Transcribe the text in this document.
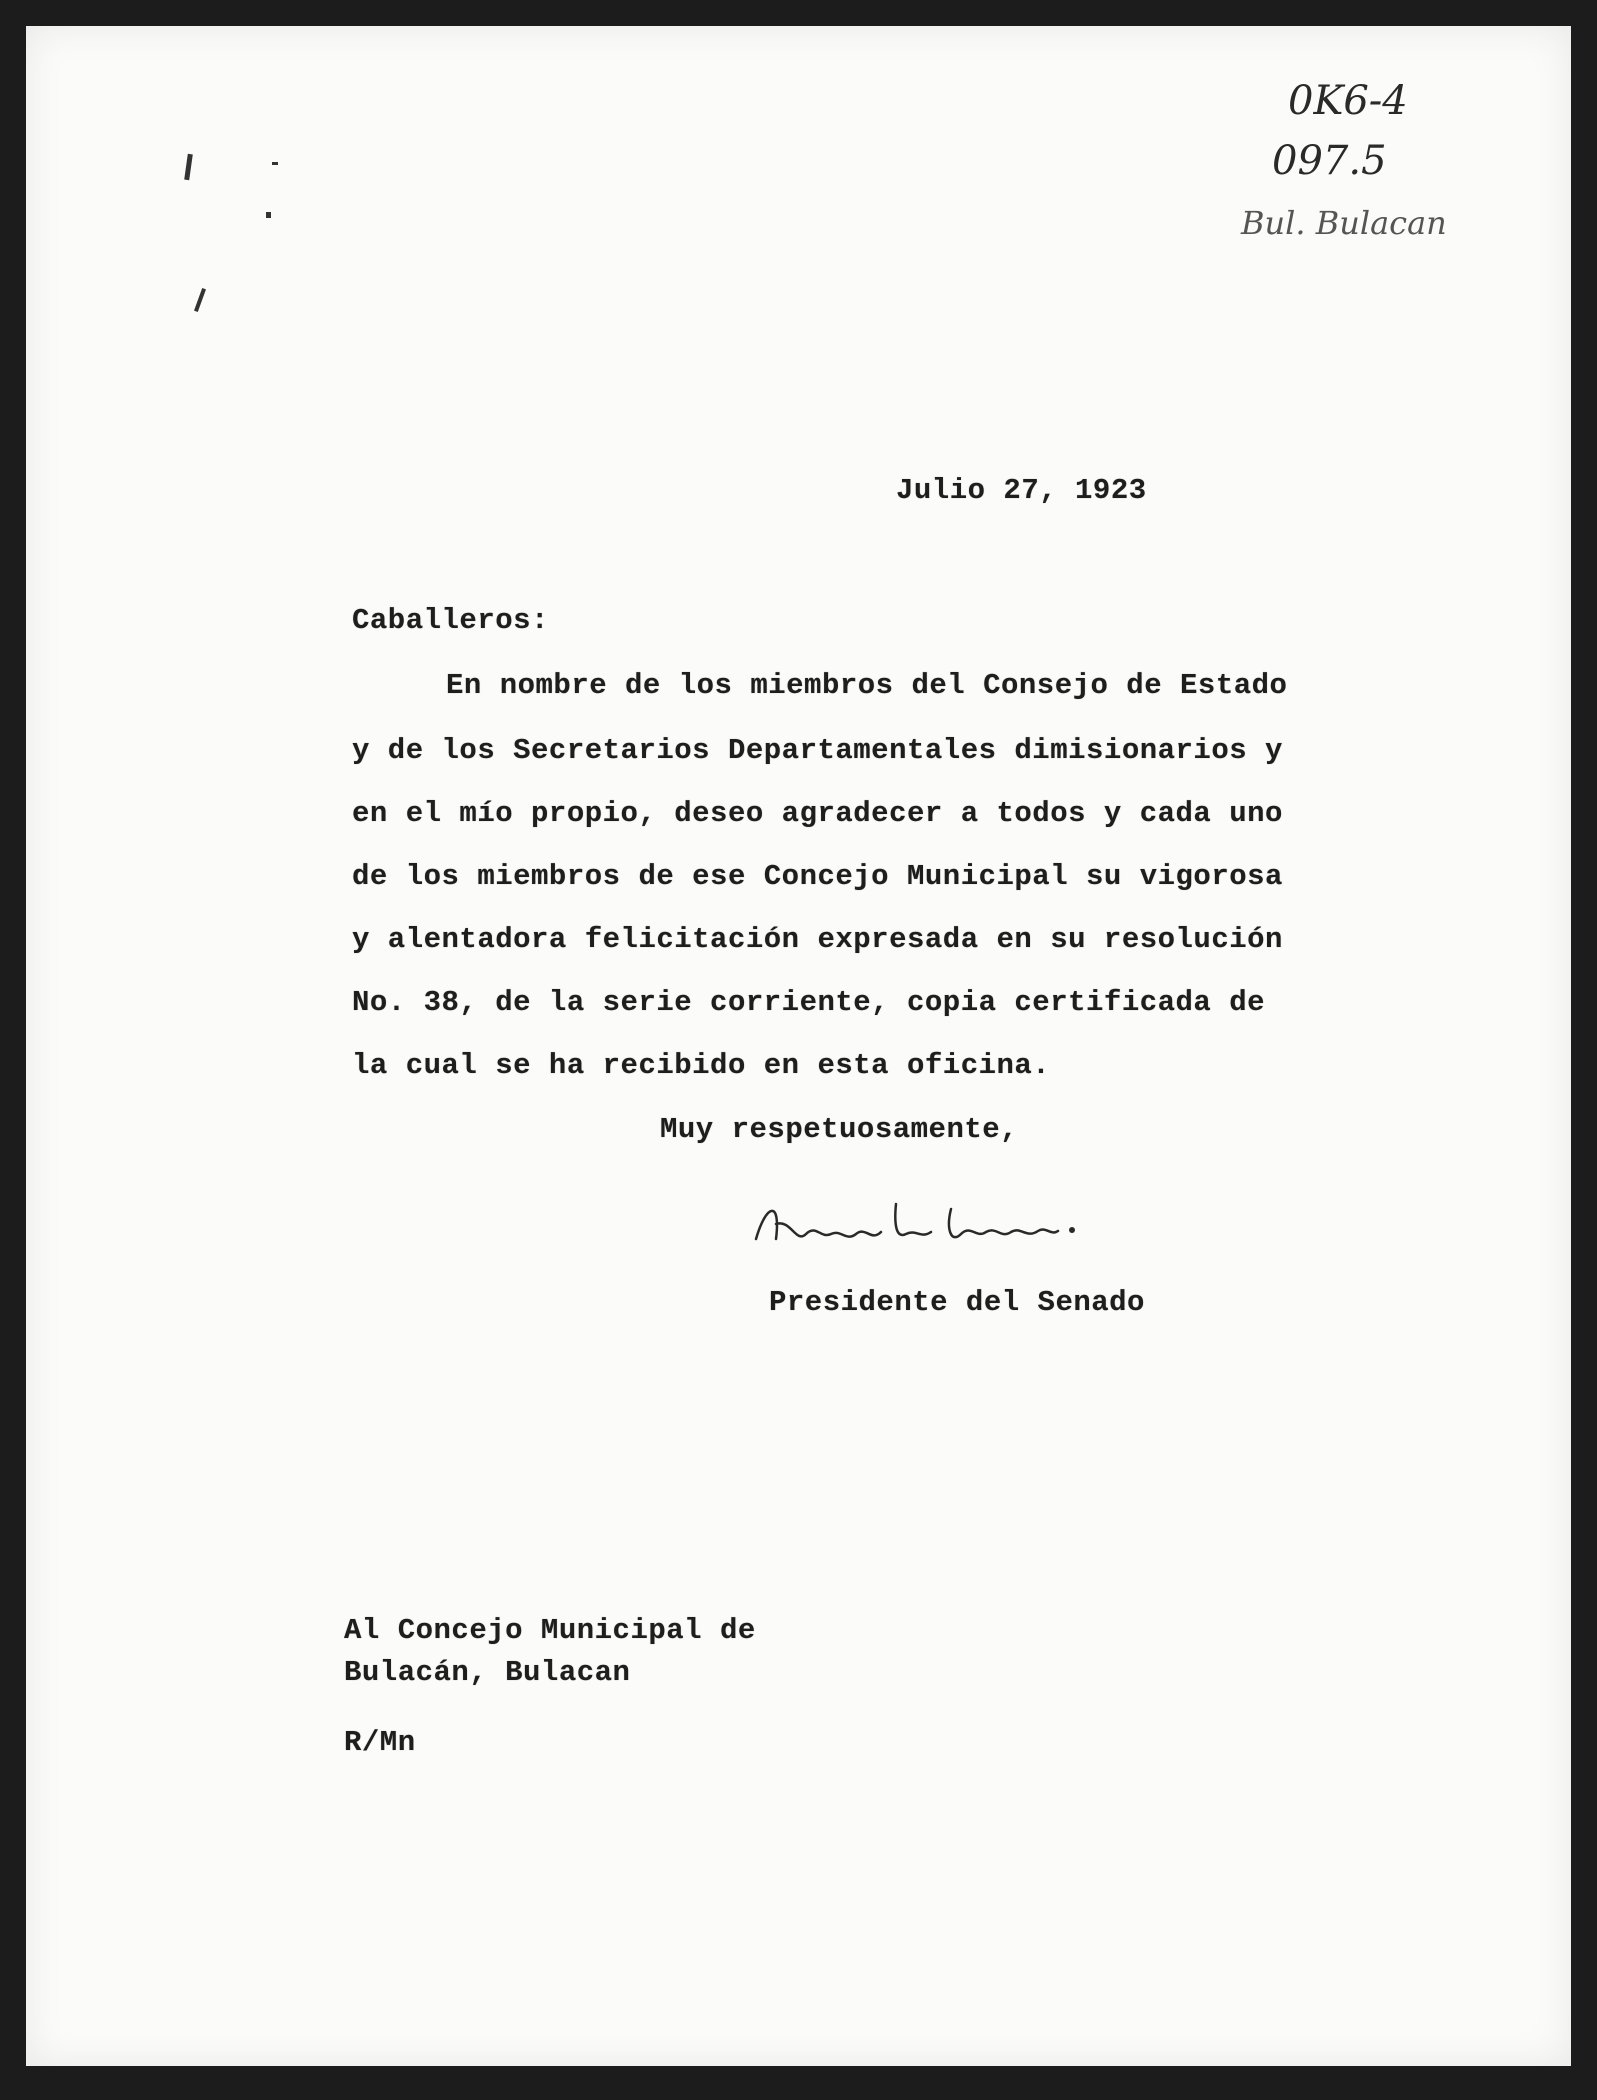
0K6-4
097.5
Bul. Bulacan
Julio 27, 1923
Caballeros:
En nombre de los miembros del Consejo de Estado
y de los Secretarios Departamentales dimisionarios y
en el mío propio, deseo agradecer a todos y cada uno
de los miembros de ese Concejo Municipal su vigorosa
y alentadora felicitación expresada en su resolución
No. 38, de la serie corriente, copia certificada de
la cual se ha recibido en esta oficina.
Muy respetuosamente,
Presidente del Senado
Al Concejo Municipal de
Bulacán, Bulacan
R/Mn
